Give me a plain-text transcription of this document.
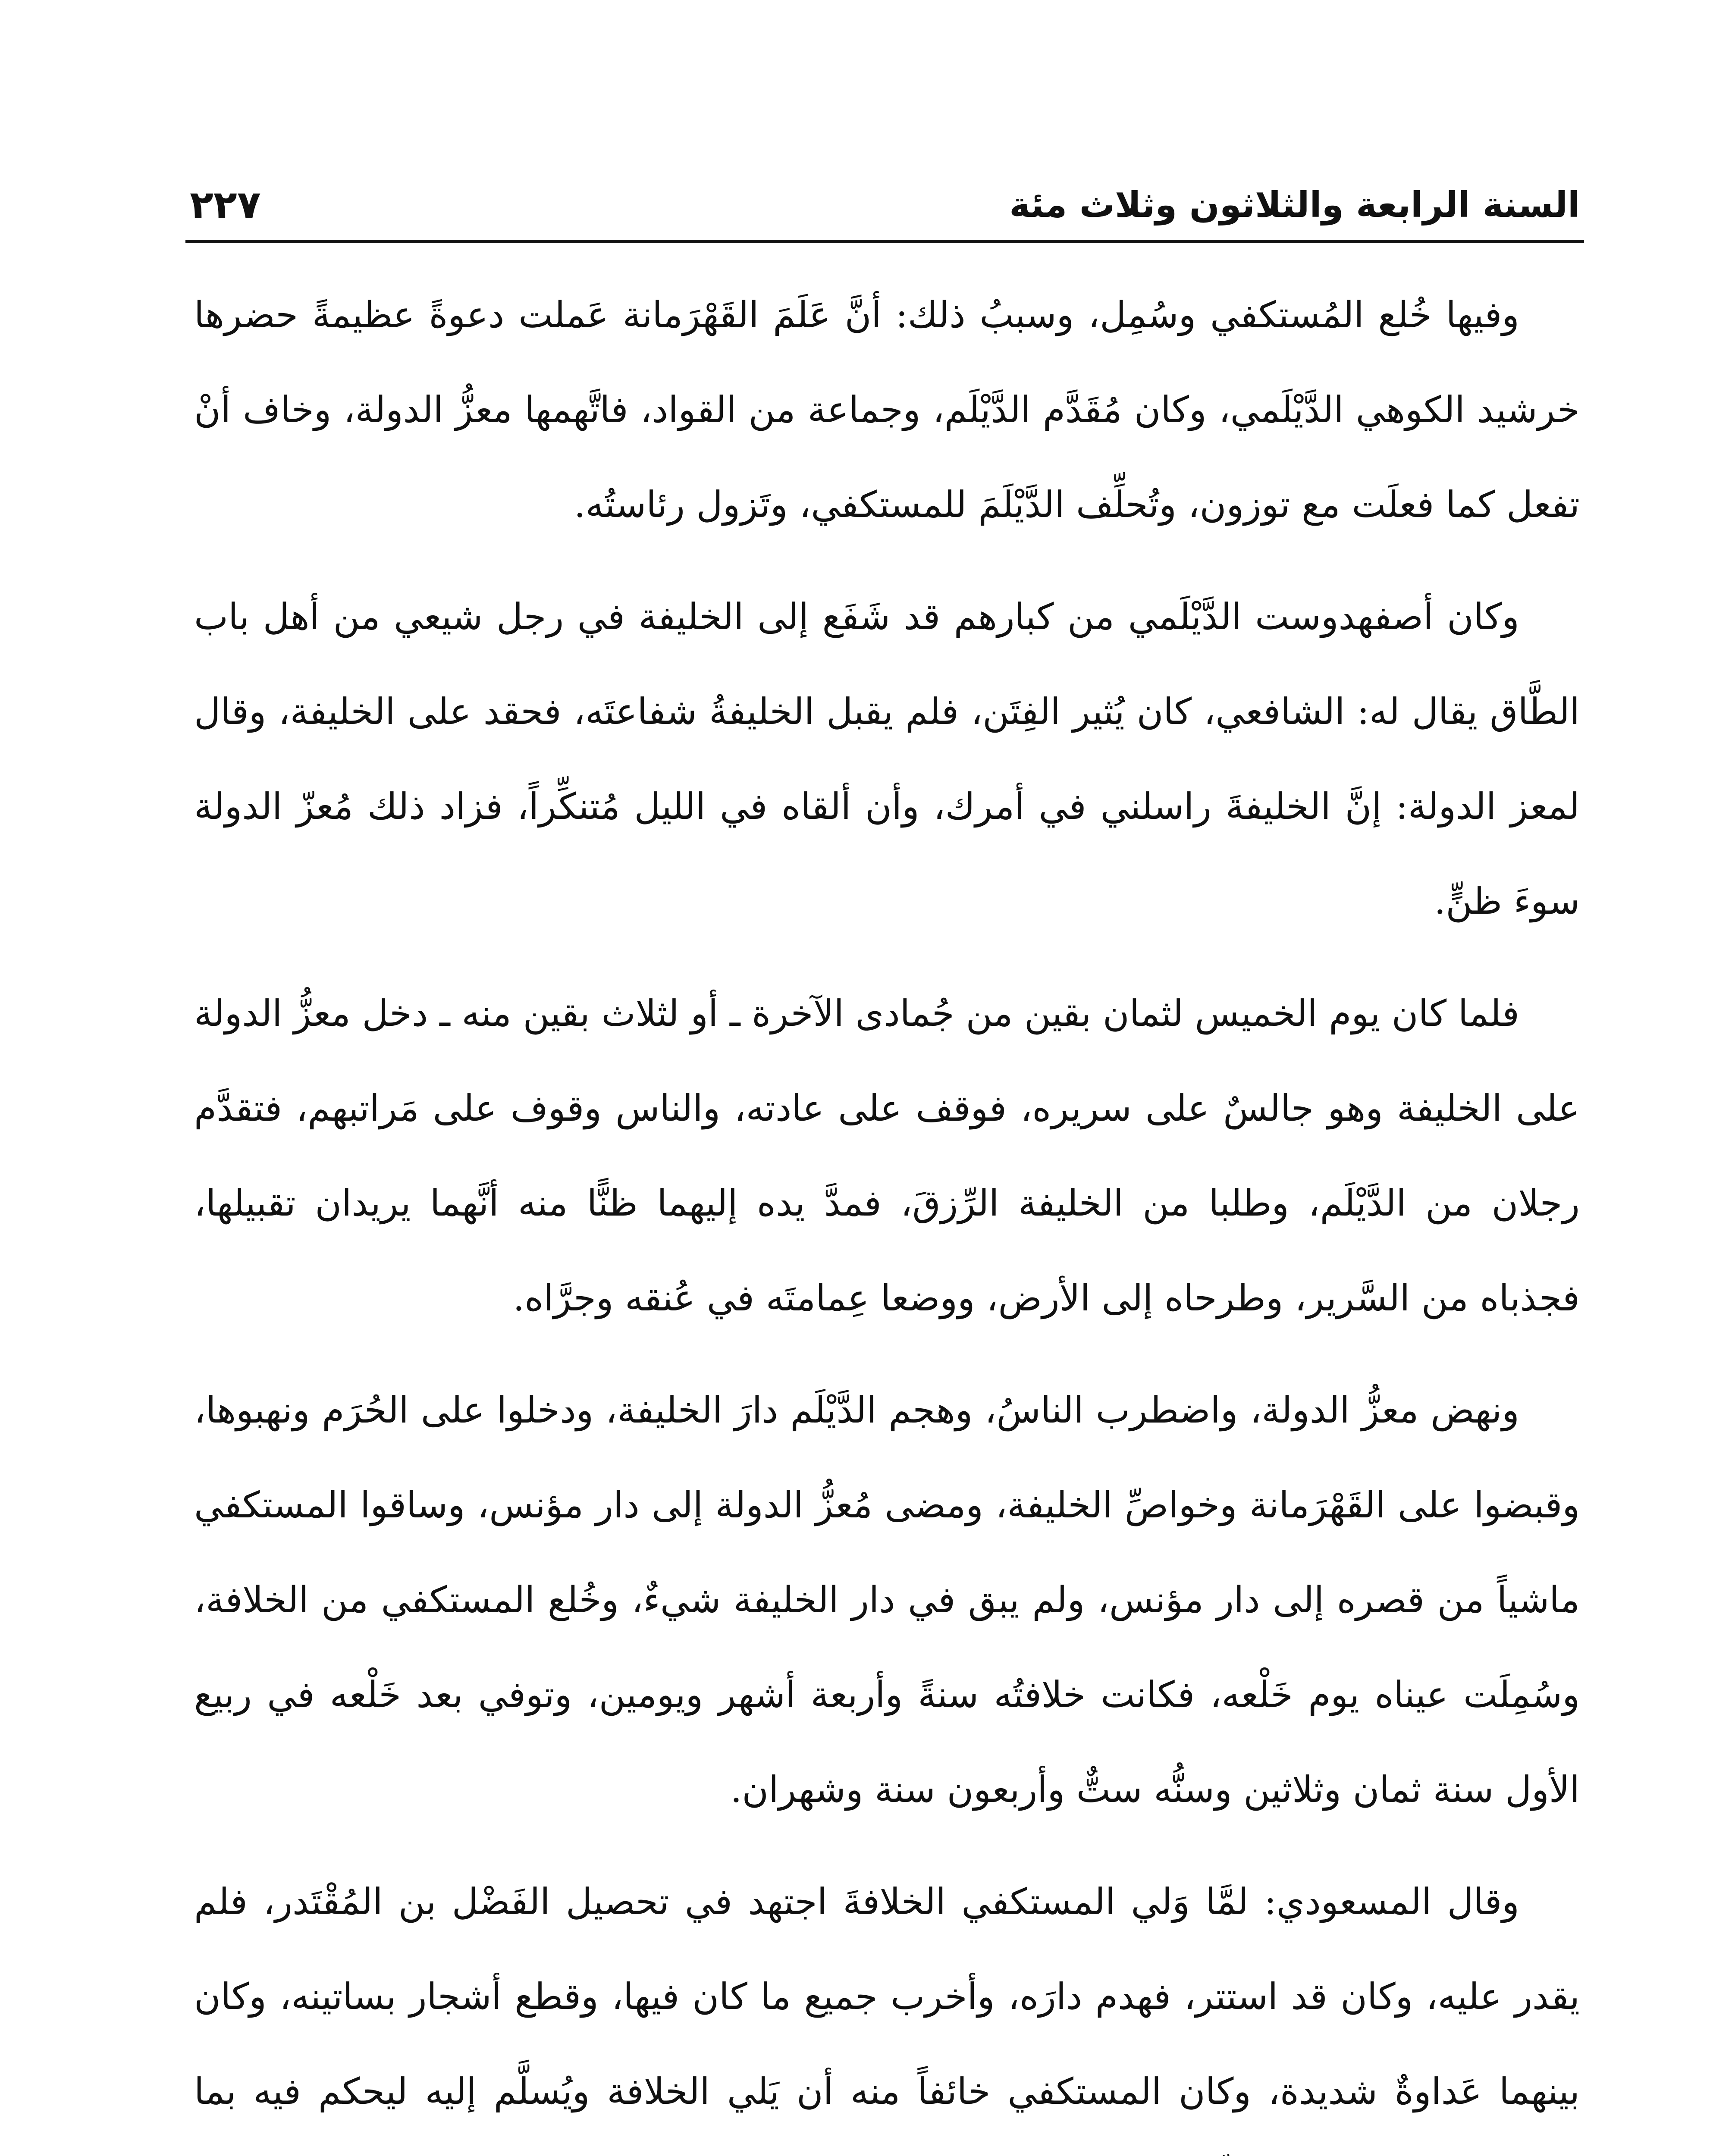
السنة الرابعة والثلاثون وثلاث مئة
٢٢٧

وفيها خُلع المُستكفي وسُمِل، وسببُ ذلك: أنَّ عَلَمَ القَهْرَمانة عَملت دعوةً عظيمةً حضرها خرشيد الكوهي الدَّيْلَمي، وكان مُقَدَّم الدَّيْلَم، وجماعة من القواد، فاتَّهمها معزُّ الدولة، وخاف أنْ تفعل كما فعلَت مع توزون، وتُحلِّف الدَّيْلَمَ للمستكفي، وتَزول رئاستُه.

وكان أصفهدوست الدَّيْلَمي من كبارهم قد شَفَع إلى الخليفة في رجل شيعي من أهل باب الطَّاق يقال له: الشافعي، كان يُثير الفِتَن، فلم يقبل الخليفةُ شفاعتَه، فحقد على الخليفة، وقال لمعز الدولة: إنَّ الخليفةَ راسلني في أمرك، وأن ألقاه في الليل مُتنكِّراً، فزاد ذلك مُعزّ الدولة سوءَ ظنٍّ.

فلما كان يوم الخميس لثمان بقين من جُمادى الآخرة ـ أو لثلاث بقين منه ـ دخل معزُّ الدولة على الخليفة وهو جالسٌ على سريره، فوقف على عادته، والناس وقوف على مَراتبهم، فتقدَّم رجلان من الدَّيْلَم، وطلبا من الخليفة الرِّزقَ، فمدَّ يده إليهما ظنًّا منه أنَّهما يريدان تقبيلها، فجذباه من السَّرير، وطرحاه إلى الأرض، ووضعا عِمامتَه في عُنقه وجرَّاه.

ونهض معزُّ الدولة، واضطرب الناسُ، وهجم الدَّيْلَم دارَ الخليفة، ودخلوا على الحُرَم ونهبوها، وقبضوا على القَهْرَمانة وخواصِّ الخليفة، ومضى مُعزُّ الدولة إلى دار مؤنس، وساقوا المستكفي ماشياً من قصره إلى دار مؤنس، ولم يبق في دار الخليفة شيءٌ، وخُلع المستكفي من الخلافة، وسُمِلَت عيناه يوم خَلْعه، فكانت خلافتُه سنةً وأربعة أشهر ويومين، وتوفي بعد خَلْعه في ربيع الأول سنة ثمان وثلاثين وسنُّه ستٌّ وأربعون سنة وشهران.

وقال المسعودي: لمَّا وَلي المستكفي الخلافةَ اجتهد في تحصيل الفَضْل بن المُقْتَدر، فلم يقدر عليه، وكان قد استتر، فهدم دارَه، وأخرب جميع ما كان فيها، وقطع أشجار بساتينه، وكان بينهما عَداوةٌ شديدة، وكان المستكفي خائفاً منه أن يَلي الخلافة ويُسلَّم إليه ليحكم فيه بما
